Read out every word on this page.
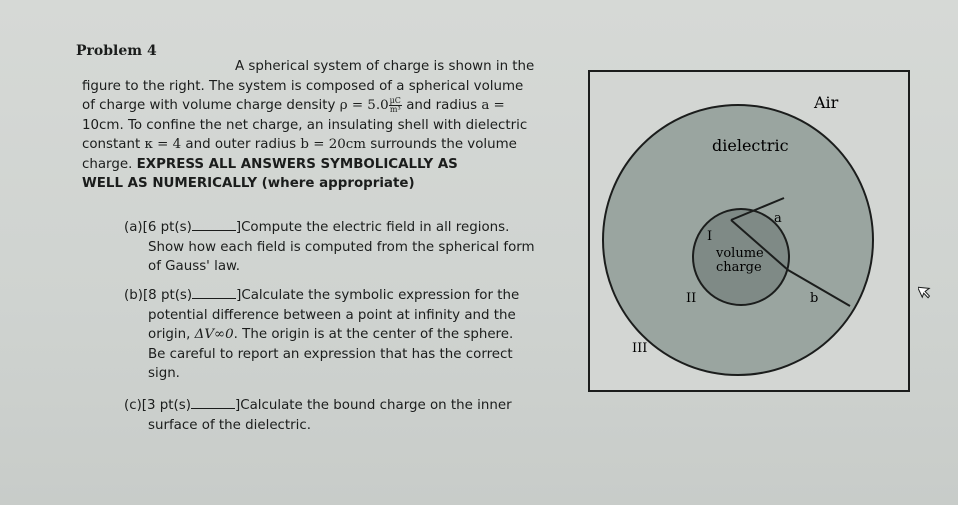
Problem 4
A spherical system of charge is shown in the
figure to the right. The system is composed of a spherical volume
of charge with volume charge density $\rho = 5.0 \frac{\mu C}{\text{m³}}$ and radius a =
10cm. To confine the net charge, an insulating shell with dielectric
constant κ = 4 and outer radius b = 20cm surrounds the volume
charge. EXPRESS ALL ANSWERS SYMBOLICALLY AS
WELL AS NUMERICALLY (where appropriate)
(a)[6 pt(s)	]Compute the electric field in all regions.
Show how each field is computed from the spherical form
of Gauss' law.
(b)[8 pt(s)	]Calculate the symbolic expression for the
potential difference between a point at infinity and the
origin, ΔV∞0. The origin is at the center of the sphere.
Be careful to report an expression that has the correct
sign.
(c)[3 pt(s)	]Calculate the bound charge on the inner
surface of the dielectric.
Air
dielectric
a
I
volume
charge
II	b
III
